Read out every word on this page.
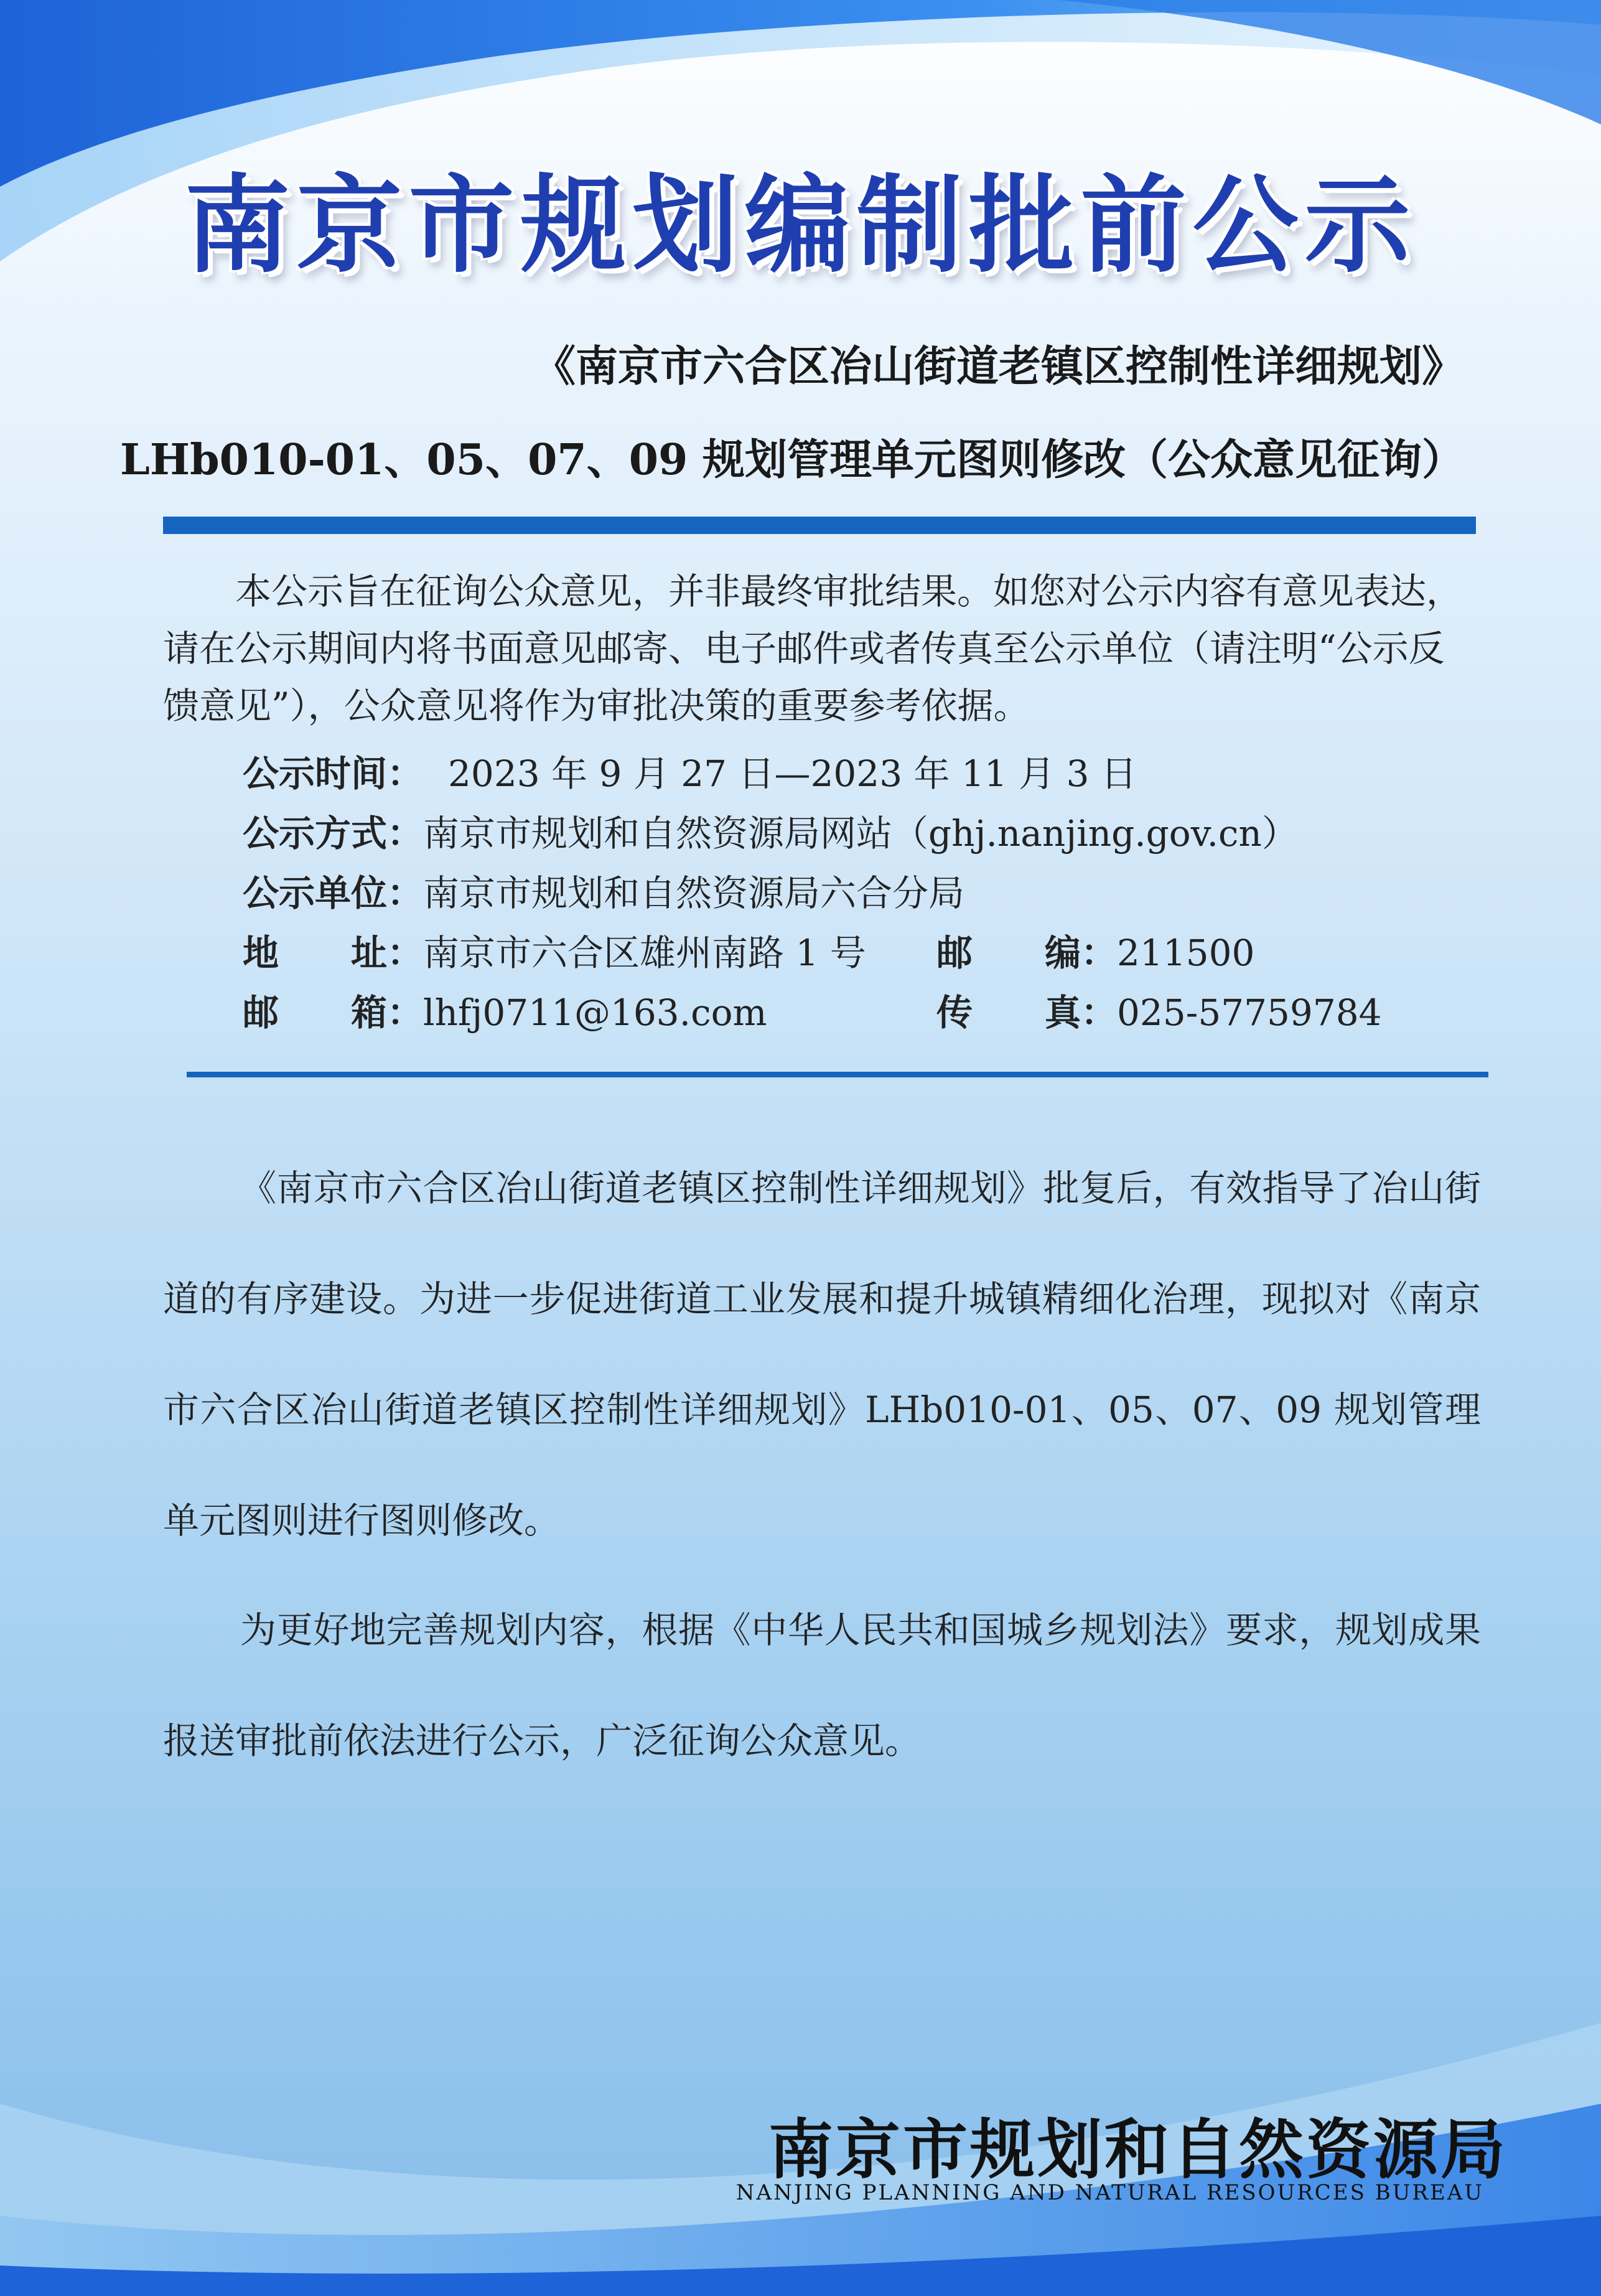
南京市规划编制批前公示
《南京市六合区冶山街道老镇区控制性详细规划》
LHb010-01、05、07、09 规划管理单元图则修改（公众意见征询）
本公示旨在征询公众意见，并非最终审批结果。如您对公示内容有意见表达，请在公示期间内将书面意见邮寄、电子邮件或者传真至公示单位（请注明“公示反馈意见”），公众意见将作为审批决策的重要参考依据。
公示时间： 2023 年 9 月 27 日—2023 年 11 月 3 日
公示方式：南京市规划和自然资源局网站（ghj.nanjing.gov.cn）
公示单位：南京市规划和自然资源局六合分局
地　　址：南京市六合区雄州南路 1 号 邮　　编：211500
邮　　箱：lhfj0711@163.com	传　　真：025-57759784
《南京市六合区冶山街道老镇区控制性详细规划》批复后，有效指导了冶山街道的有序建设。为进一步促进街道工业发展和提升城镇精细化治理，现拟对《南京市六合区冶山街道老镇区控制性详细规划》LHb010-01、05、07、09 规划管理单元图则进行图则修改。
为更好地完善规划内容，根据《中华人民共和国城乡规划法》要求，规划成果报送审批前依法进行公示，广泛征询公众意见。
南京市规划和自然资源局
NANJING PLANNING AND NATURAL RESOURCES BUREAU
